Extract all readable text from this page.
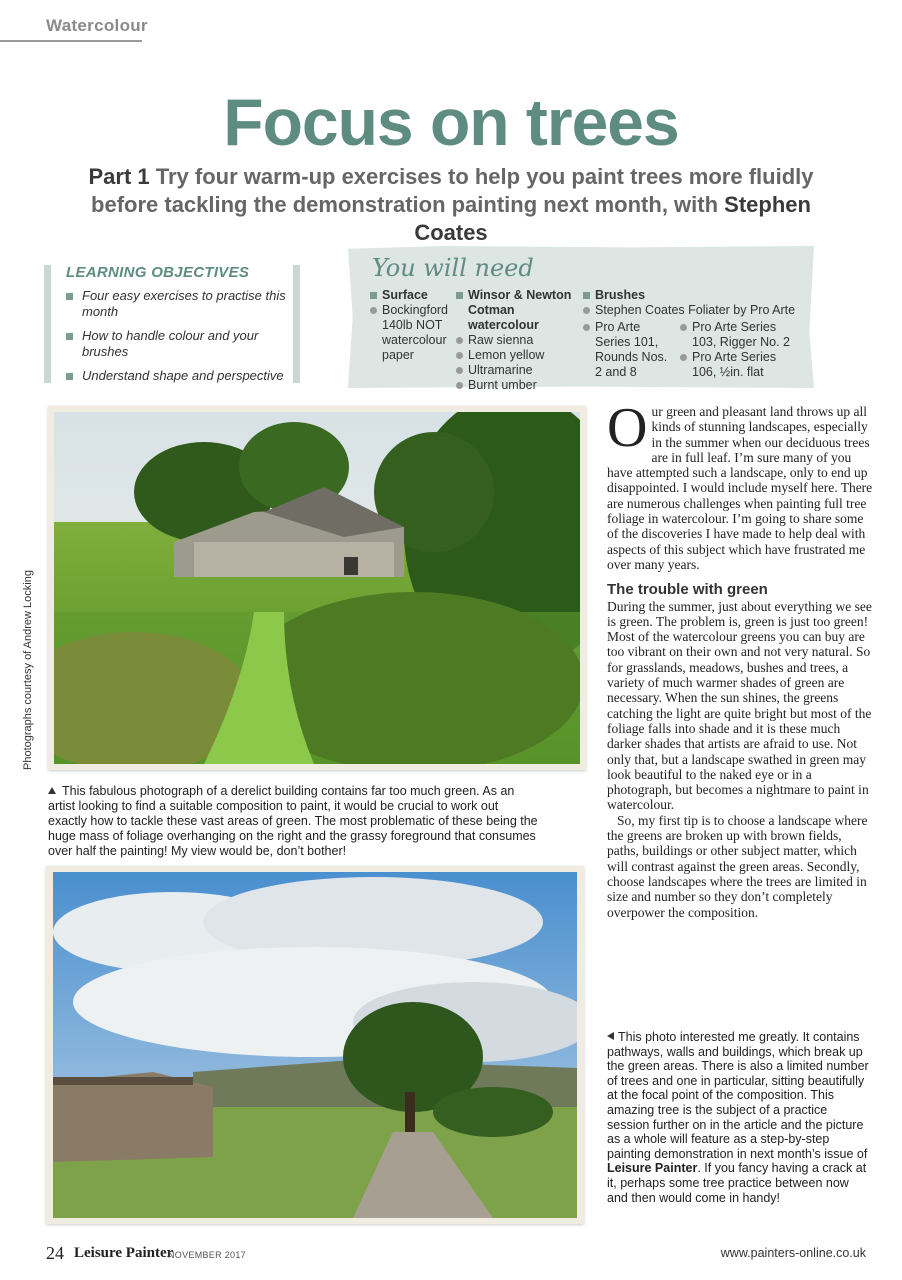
Watercolour
Focus on trees
Part 1 Try four warm-up exercises to help you paint trees more fluidly before tackling the demonstration painting next month, with Stephen Coates
LEARNING OBJECTIVES
Four easy exercises to practise this month
How to handle colour and your brushes
Understand shape and perspective
You will need
Surface
Bockingford 140lb NOT watercolour paper
Winsor & Newton Cotman watercolour
Raw sienna
Lemon yellow
Ultramarine
Burnt umber
Brushes
Stephen Coates Foliater by Pro Arte
Pro Arte Series 101, Rounds Nos. 2 and 8
Pro Arte Series 103, Rigger No. 2
Pro Arte Series 106, ½in. flat
Photographs courtesy of Andrew Locking
This fabulous photograph of a derelict building contains far too much green. As an artist looking to find a suitable composition to paint, it would be crucial to work out exactly how to tackle these vast areas of green. The most problematic of these being the huge mass of foliage overhanging on the right and the grassy foreground that consumes over half the painting! My view would be, don’t bother!
O ur green and pleasant land throws up all kinds of stunning landscapes, especially in the summer when our deciduous trees are in full leaf. I’m sure many of you have attempted such a landscape, only to end up disappointed. I would include myself here. There are numerous challenges when painting full tree foliage in watercolour. I’m going to share some of the discoveries I have made to help deal with aspects of this subject which have frustrated me over many years.

The trouble with green

During the summer, just about everything we see is green. The problem is, green is just too green! Most of the watercolour greens you can buy are too vibrant on their own and not very natural. So for grasslands, meadows, bushes and trees, a variety of much warmer shades of green are necessary. When the sun shines, the greens catching the light are quite bright but most of the foliage falls into shade and it is these much darker shades that artists are afraid to use. Not only that, but a landscape swathed in green may look beautiful to the naked eye or in a photograph, but becomes a nightmare to paint in watercolour.

So, my first tip is to choose a landscape where the greens are broken up with brown fields, paths, buildings or other subject matter, which will contrast against the green areas. Secondly, choose landscapes where the trees are limited in size and number so they don’t completely overpower the composition.

This photo interested me greatly. It contains pathways, walls and buildings, which break up the green areas. There is also a limited number of trees and one in particular, sitting beautifully at the focal point of the composition. This amazing tree is the subject of a practice session further on in the article and the picture as a whole will feature as a step-by-step painting demonstration in next month’s issue of Leisure Painter. If you fancy having a crack at it, perhaps some tree practice between now and then would come in handy!
24 Leisure Painter
NOVEMBER 2017	www.painters-online.co.uk
